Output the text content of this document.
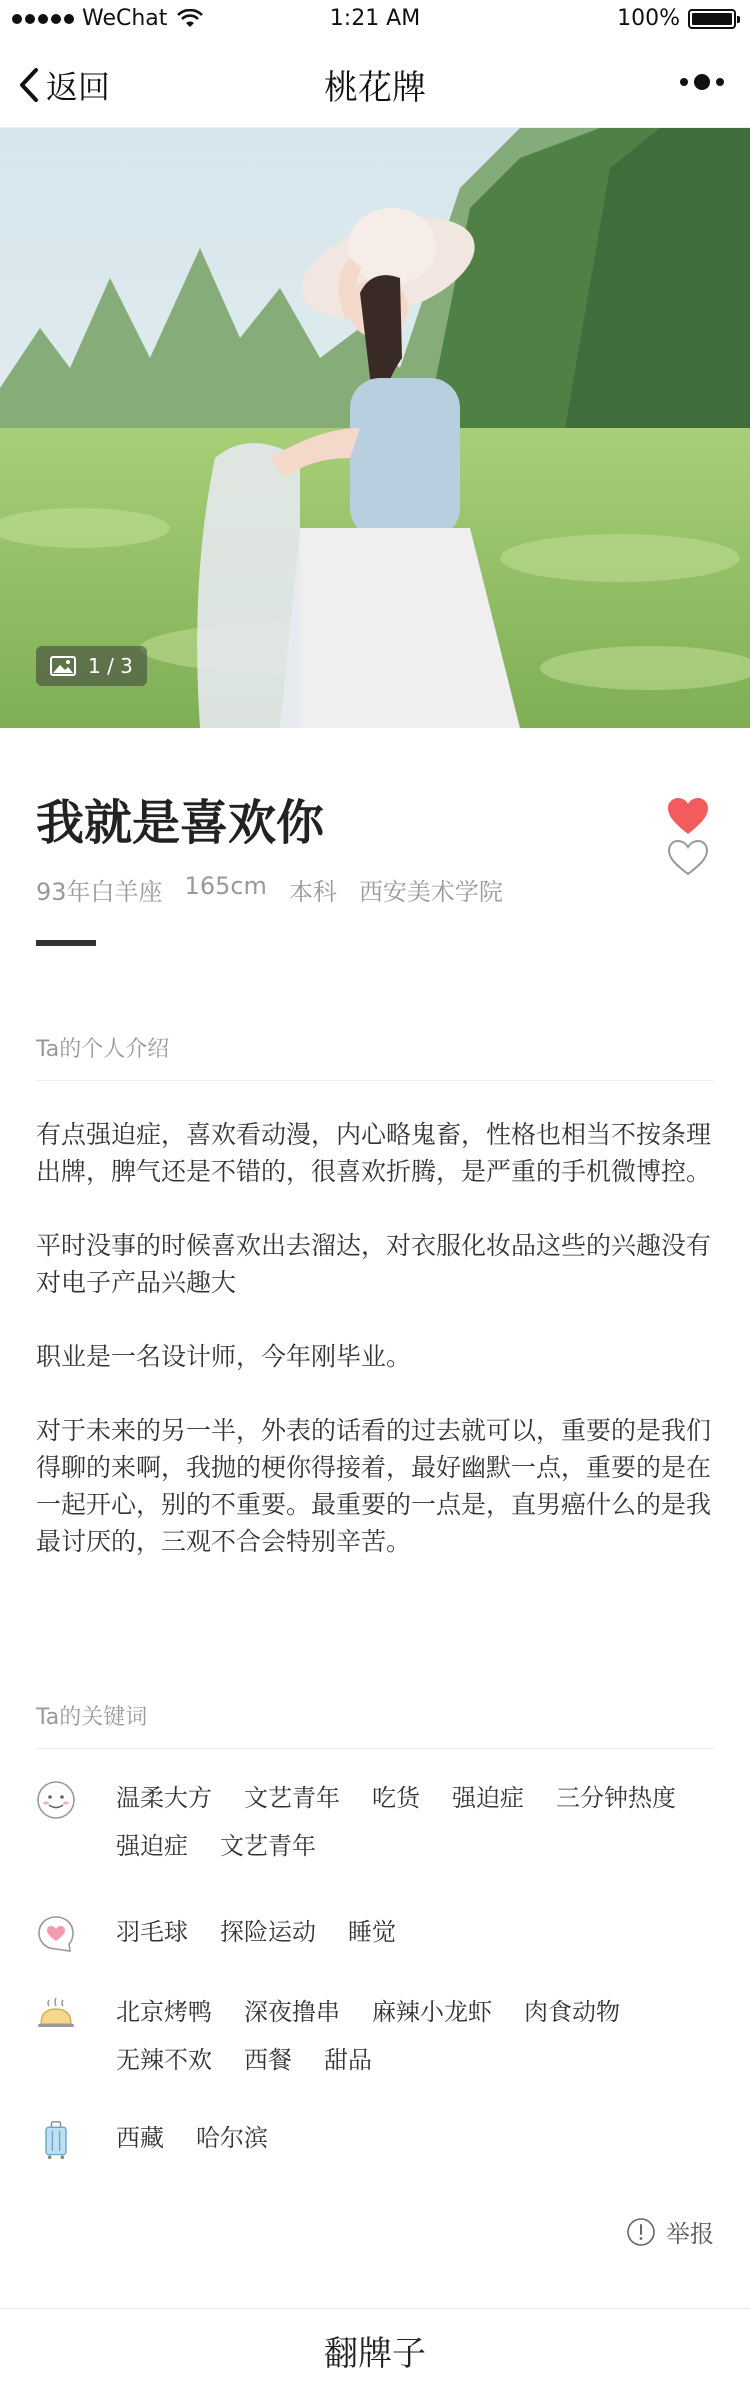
WeChat	1:21 AM	100%
返回	桃花牌
1 / 3
我就是喜欢你
93年白羊座 165cm 本科 西安美术学院
Ta的个人介绍

有点强迫症，喜欢看动漫，内心略鬼畜，性格也相当不按条理出牌，脾气还是不错的，很喜欢折腾，是严重的手机微博控。

平时没事的时候喜欢出去溜达，对衣服化妆品这些的兴趣没有对电子产品兴趣大

职业是一名设计师，今年刚毕业。

对于未来的另一半，外表的话看的过去就可以，重要的是我们得聊的来啊，我抛的梗你得接着，最好幽默一点，重要的是在一起开心，别的不重要。最重要的一点是，直男癌什么的是我最讨厌的，三观不合会特别辛苦。

Ta的关键词
温柔大方 文艺青年 吃货 强迫症 三分钟热度
强迫症 文艺青年
羽毛球 探险运动 睡觉
北京烤鸭 深夜撸串 麻辣小龙虾 肉食动物
无辣不欢 西餐 甜品
西藏 哈尔滨
举报
翻牌子
